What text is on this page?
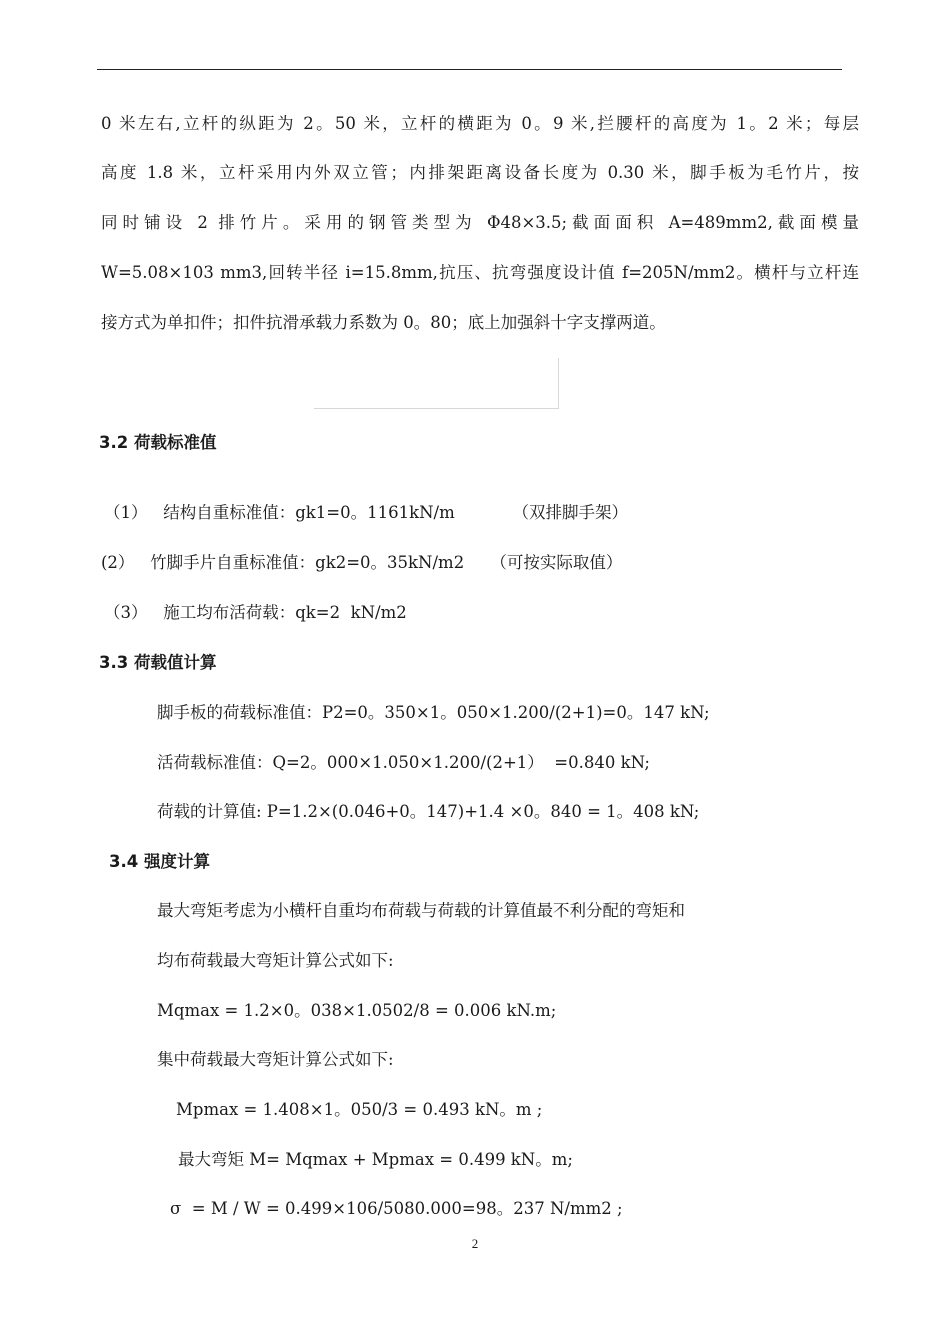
0 米左右,立杆的纵距为 2。50 米，立杆的横距为 0。9 米,拦腰杆的高度为 1。2 米；每层
高度 1.8 米，立杆采用内外双立管；内排架距离设备长度为 0.30 米，脚手板为毛竹片，按
同时铺设 2 排竹片。采用的钢管类型为 Φ48×3.5;截面面积 A=489mm2,截面模量
W=5.08×103 mm3,回转半径 i=15.8mm,抗压、抗弯强度设计值 f=205N/mm2。横杆与立杆连
接方式为单扣件；扣件抗滑承载力系数为 0。80；底上加强斜十字支撑两道。
3.2 荷载标准值
（1）   结构自重标准值：gk1=0。1161kN/m           （双排脚手架）
(2）   竹脚手片自重标准值：gk2=0。35kN/m2     （可按实际取值）
（3）   施工均布活荷载：qk=2  kN/m2
3.3 荷载值计算
脚手板的荷载标准值：P2=0。350×1。050×1.200/(2+1)=0。147 kN;
活荷载标准值：Q=2。000×1.050×1.200/(2+1）  =0.840 kN;
荷载的计算值: P=1.2×(0.046+0。147)+1.4 ×0。840 = 1。408 kN;
3.4 强度计算
最大弯矩考虑为小横杆自重均布荷载与荷载的计算值最不利分配的弯矩和
均布荷载最大弯矩计算公式如下:
Mqmax = 1.2×0。038×1.0502/8 = 0.006 kN.m;
集中荷载最大弯矩计算公式如下:
Mpmax = 1.408×1。050/3 = 0.493 kN。m ;
最大弯矩 M= Mqmax + Mpmax = 0.499 kN。m;
σ  = M / W = 0.499×106/5080.000=98。237 N/mm2 ;
2
